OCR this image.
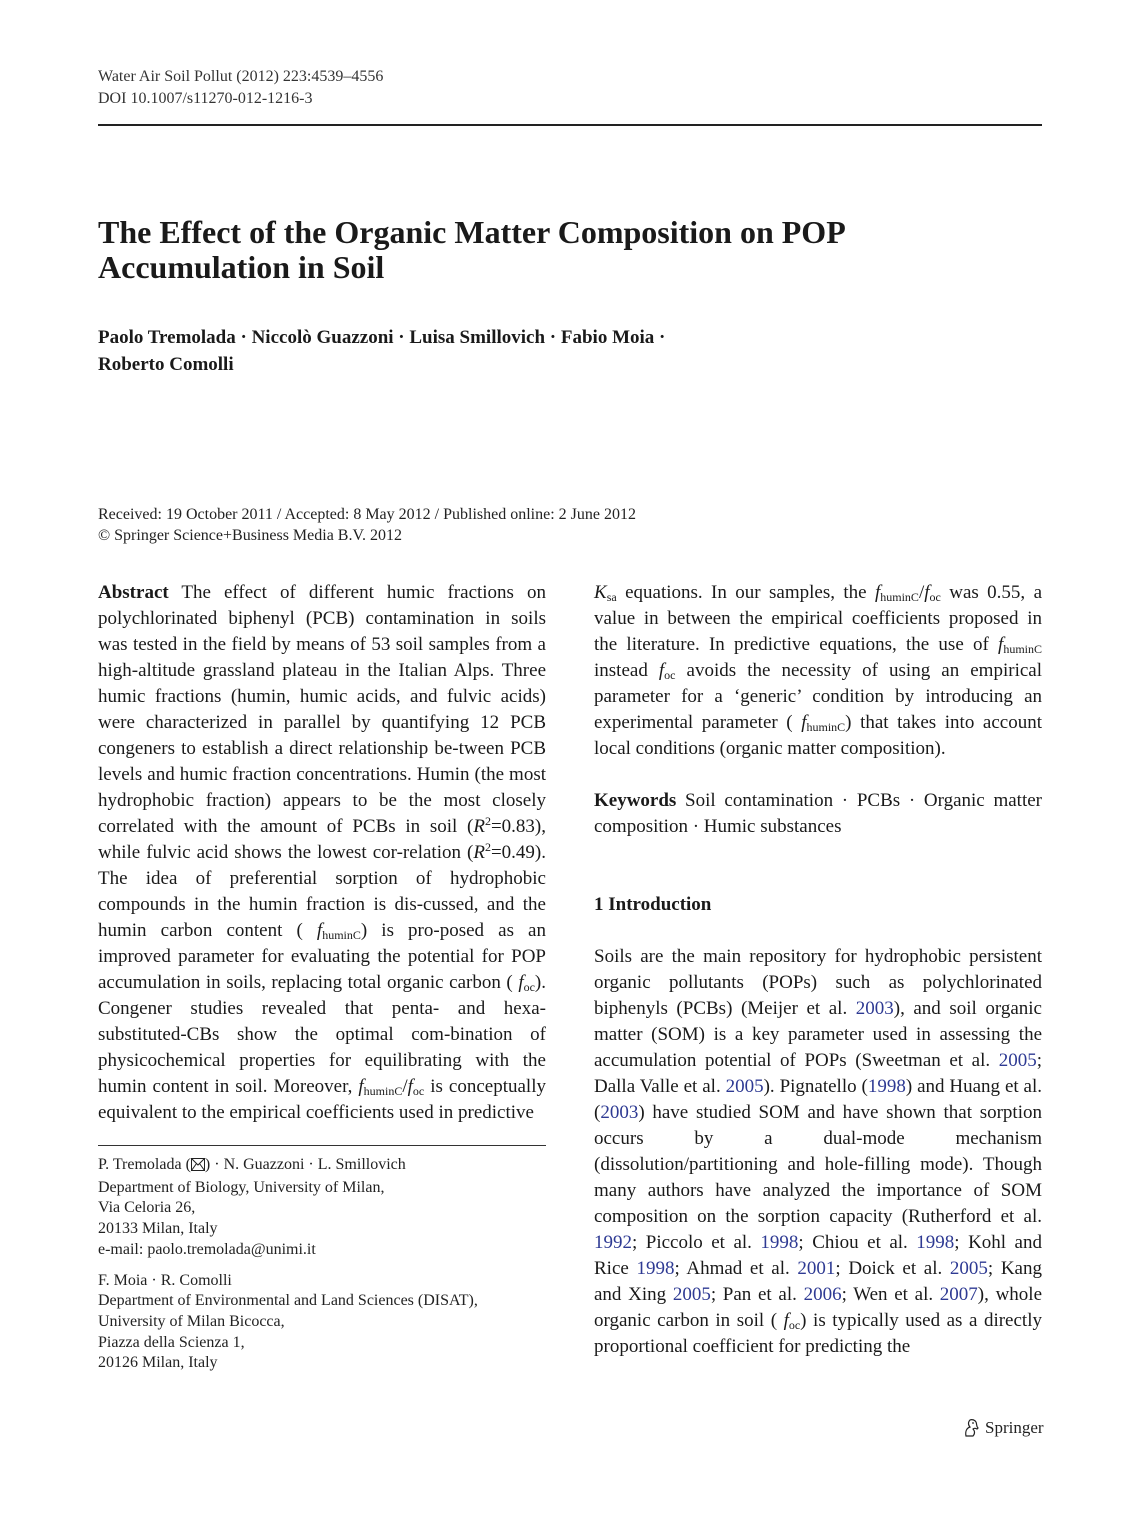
Water Air Soil Pollut (2012) 223:4539–4556
DOI 10.1007/s11270-012-1216-3
The Effect of the Organic Matter Composition on POP
Accumulation in Soil
Paolo Tremolada · Niccolò Guazzoni · Luisa Smillovich · Fabio Moia ·
Roberto Comolli
Received: 19 October 2011 / Accepted: 8 May 2012 / Published online: 2 June 2012
© Springer Science+Business Media B.V. 2012

Abstract The effect of different humic fractions on polychlorinated biphenyl (PCB) contamination in soils was tested in the field by means of 53 soil samples from a high-altitude grassland plateau in the Italian Alps. Three humic fractions (humin, humic acids, and fulvic acids) were characterized in parallel by quantifying 12 PCB congeners to establish a direct relationship be-tween PCB levels and humic fraction concentrations. Humin (the most hydrophobic fraction) appears to be the most closely correlated with the amount of PCBs in soil $(R^2=0.83)$, while fulvic acid shows the lowest cor-relation $(R^2=0.49)$. The idea of preferential sorption of hydrophobic compounds in the humin fraction is dis-cussed, and the humin carbon content ( $f_{huminC}$) is pro-posed as an improved parameter for evaluating the potential for POP accumulation in soils, replacing total organic carbon ( $f_{oc}$). Congener studies revealed that penta- and hexa-substituted-CBs show the optimal com-bination of physicochemical properties for equilibrating with the humin content in soil. Moreover, $f_{huminC}/f_{oc}$ is conceptually equivalent to the empirical coefficients used in predictive

P. Tremolada ( ) · N. Guazzoni · L. Smillovich
Department of Biology, University of Milan,
Via Celoria 26,
20133 Milan, Italy
e-mail: paolo.tremolada@unimi.it
F. Moia · R. Comolli
Department of Environmental and Land Sciences (DISAT),
University of Milan Bicocca,
Piazza della Scienza 1,
20126 Milan, Italy

$K_{sa}$ equations. In our samples, the $f_{huminC}/f_{oc}$ was 0.55, a value in between the empirical coefficients proposed in the literature. In predictive equations, the use of $f_{huminC}$ instead $f_{oc}$ avoids the necessity of using an empirical parameter for a ‘generic’ condition by introducing an experimental parameter ( $f_{huminC}$) that takes into account local conditions (organic matter composition).

Keywords Soil contamination · PCBs · Organic matter composition · Humic substances

1 Introduction

Soils are the main repository for hydrophobic persistent organic pollutants (POPs) such as polychlorinated biphenyls (PCBs) (Meijer et al. 2003), and soil organic matter (SOM) is a key parameter used in assessing the accumulation potential of POPs (Sweetman et al. 2005; Dalla Valle et al. 2005). Pignatello (1998) and Huang et al. (2003) have studied SOM and have shown that sorption occurs by a dual-mode mechanism (dissolution/partitioning and hole-filling mode). Though many authors have analyzed the importance of SOM composition on the sorption capacity (Rutherford et al. 1992; Piccolo et al. 1998; Chiou et al. 1998; Kohl and Rice 1998; Ahmad et al. 2001; Doick et al. 2005; Kang and Xing 2005; Pan et al. 2006; Wen et al. 2007), whole organic carbon in soil ( $f_{oc}$) is typically used as a directly proportional coefficient for predicting the

Springer
